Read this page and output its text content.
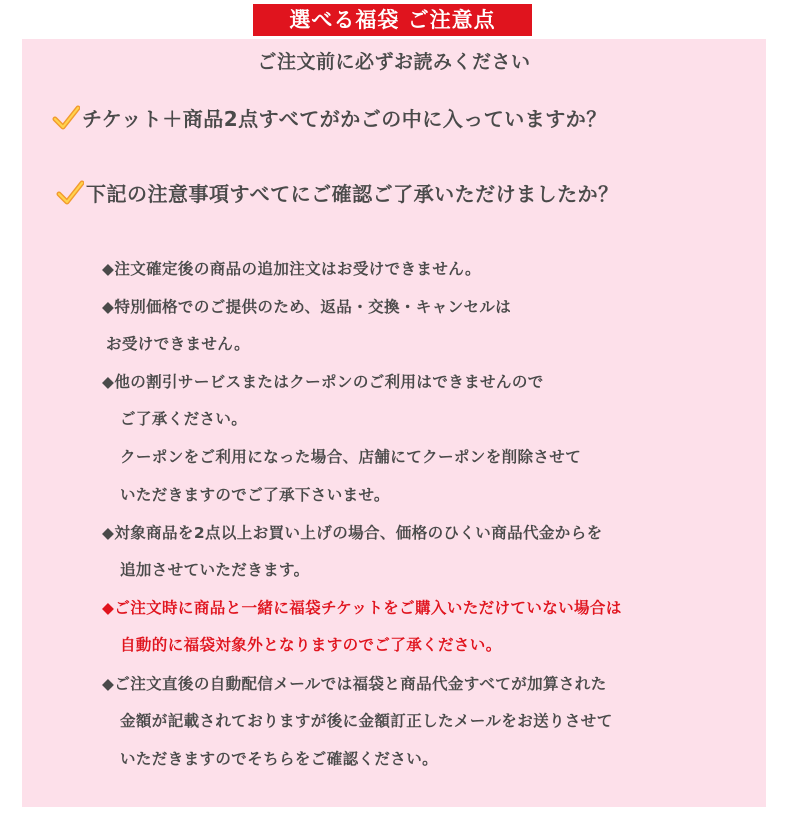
選べる福袋 ご注意点
ご注文前に必ずお読みください
チケット＋商品2点すべてがかごの中に入っていますか？
下記の注意事項すべてにご確認ご了承いただけましたか？
◆注文確定後の商品の追加注文はお受けできません。
◆特別価格でのご提供のため、返品・交換・キャンセルは
お受けできません。
◆他の割引サービスまたはクーポンのご利用はできませんので
ご了承ください。
クーポンをご利用になった場合、店舗にてクーポンを削除させて
いただきますのでご了承下さいませ。
◆対象商品を2点以上お買い上げの場合、価格のひくい商品代金からを
追加させていただきます。
◆ご注文時に商品と一緒に福袋チケットをご購入いただけていない場合は
自動的に福袋対象外となりますのでご了承ください。
◆ご注文直後の自動配信メールでは福袋と商品代金すべてが加算された
金額が記載されておりますが後に金額訂正したメールをお送りさせて
いただきますのでそちらをご確認ください。
